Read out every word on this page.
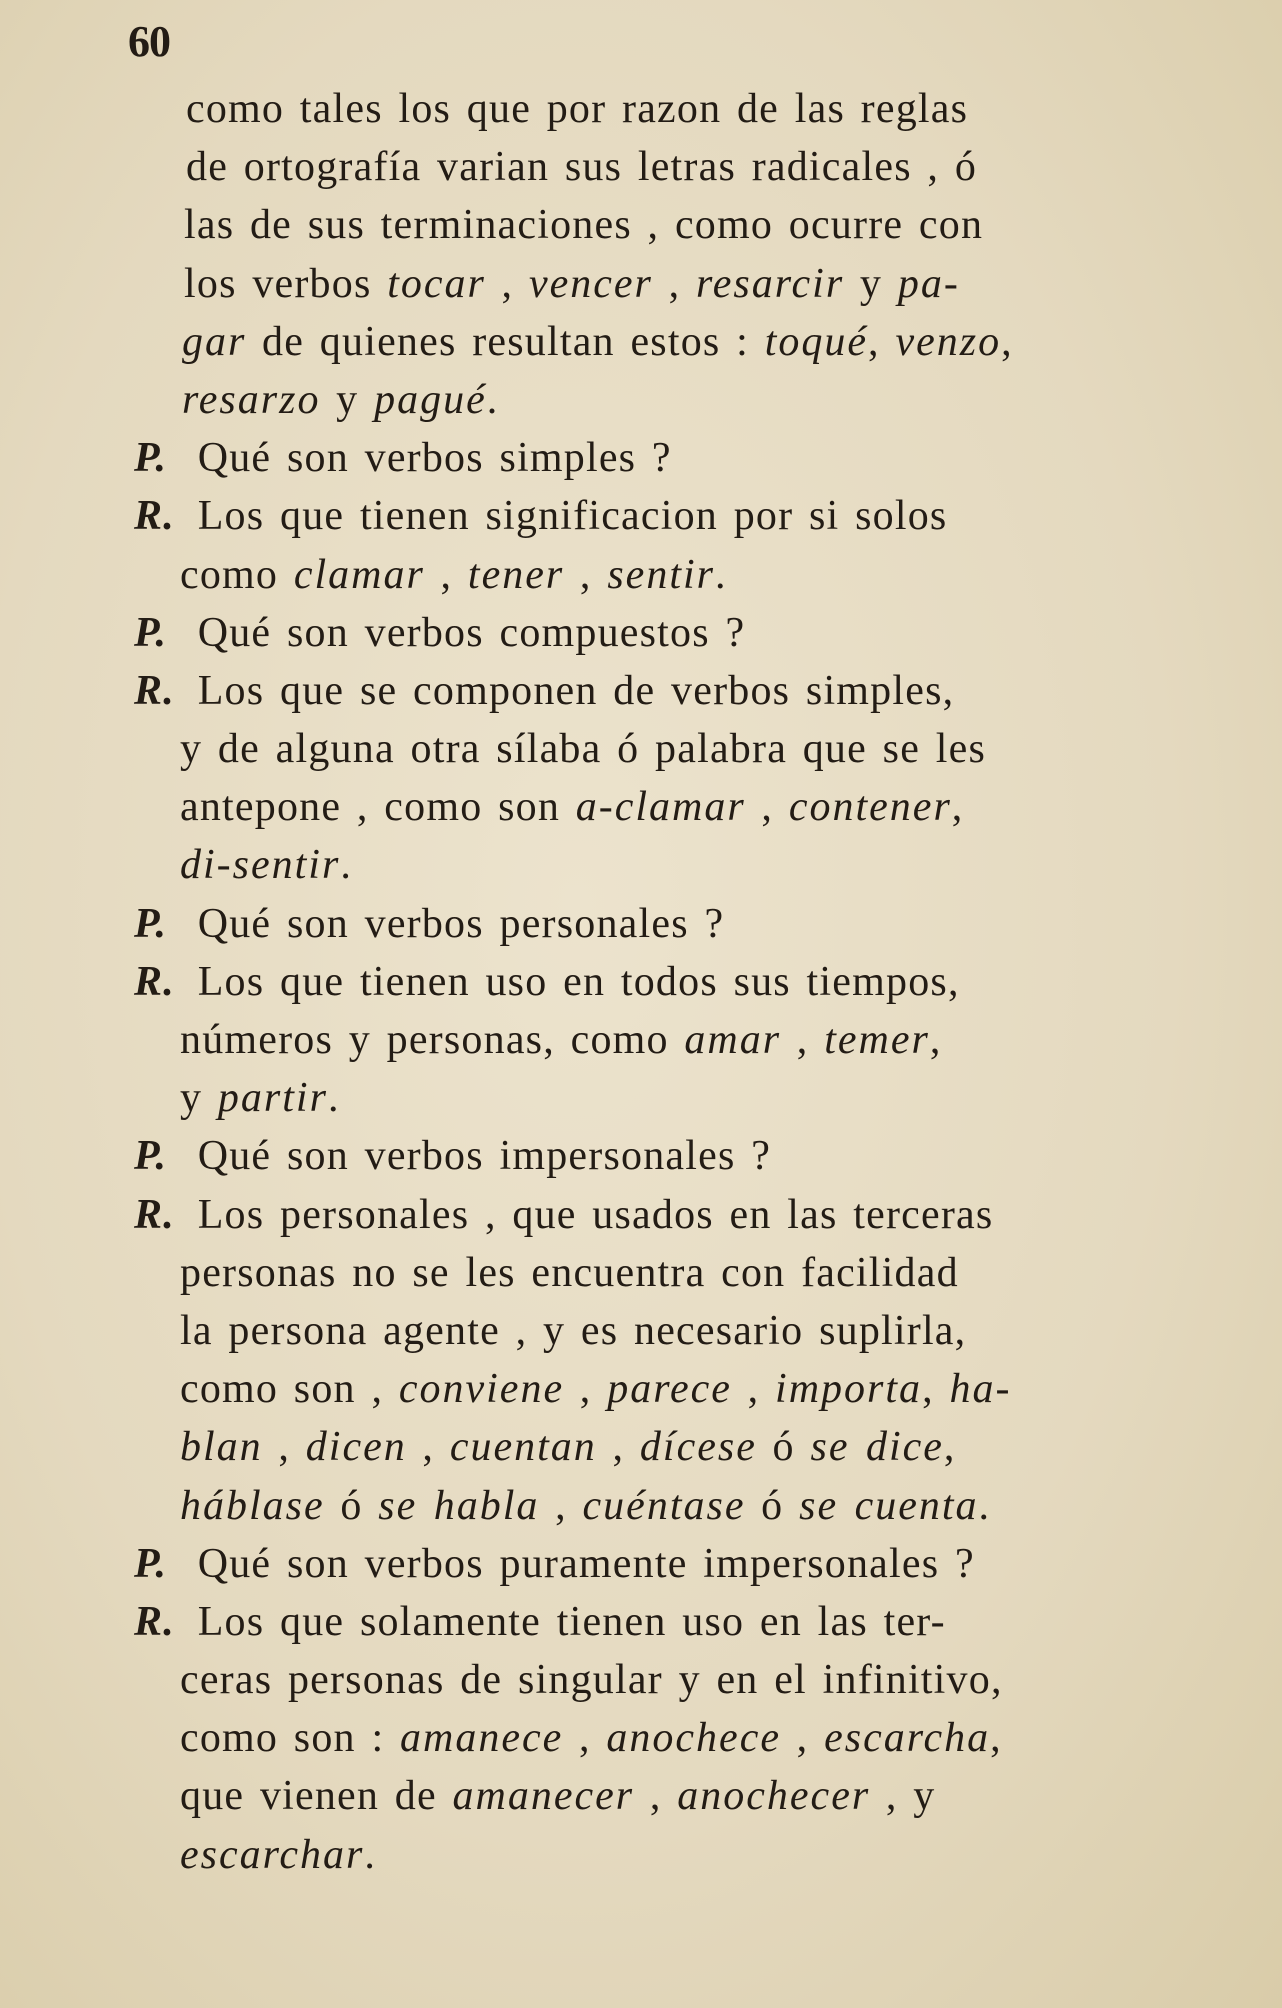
60
como tales los que por razon de las reglas
de ortografía varian sus letras radicales , ó
las de sus terminaciones , como ocurre con
los verbos tocar , vencer , resarcir y pa-
gar de quienes resultan estos : toqué, venzo,
resarzo y pagué.
P. Qué son verbos simples ?
R. Los que tienen significacion por si solos
como clamar , tener , sentir.
P. Qué son verbos compuestos ?
R. Los que se componen de verbos simples,
y de alguna otra sílaba ó palabra que se les
antepone , como son a-clamar , contener,
di-sentir.
P. Qué son verbos personales ?
R. Los que tienen uso en todos sus tiempos,
números y personas, como amar , temer,
y partir.
P. Qué son verbos impersonales ?
R. Los personales , que usados en las terceras
personas no se les encuentra con facilidad
la persona agente , y es necesario suplirla,
como son , conviene , parece , importa, ha-
blan , dicen , cuentan , dícese ó se dice,
háblase ó se habla , cuéntase ó se cuenta.
P. Qué son verbos puramente impersonales ?
R. Los que solamente tienen uso en las ter-
ceras personas de singular y en el infinitivo,
como son : amanece , anochece , escarcha,
que vienen de amanecer , anochecer , y
escarchar.
